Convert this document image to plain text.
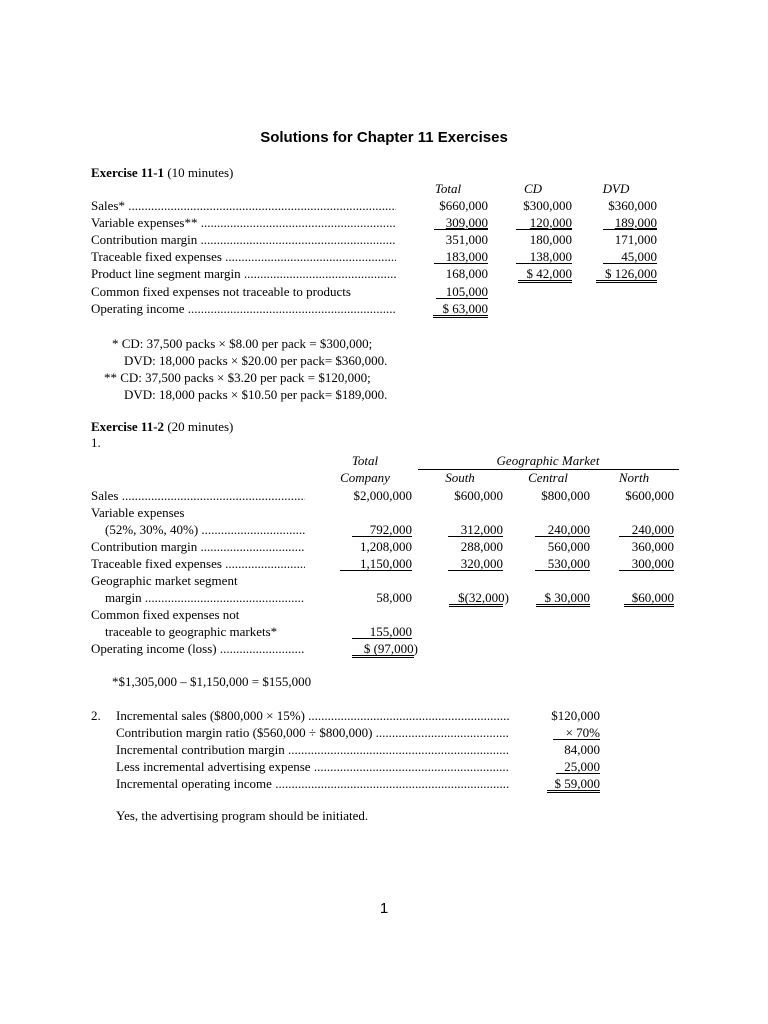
Solutions for Chapter 11 Exercises
Exercise 11-1 (10 minutes)
Total	CD	DVD
Sales* .....	$660,000	$300,000	$360,000
Variable expenses** .....	309,000	120,000	189,000
Contribution margin .....	351,000	180,000	171,000
Traceable fixed expenses .....	183,000	138,000	45,000
Product line segment margin .....	168,000	$ 42,000	$ 126,000
Common fixed expenses not traceable to products	105,000
Operating income .....	$ 63,000
* CD: 37,500 packs × $8.00 per pack = $300,000;
DVD: 18,000 packs × $20.00 per pack= $360,000.
** CD: 37,500 packs × $3.20 per pack = $120,000;
DVD: 18,000 packs × $10.50 per pack= $189,000.
Exercise 11-2 (20 minutes)
1.
Total
Company
Geographic Market
South	Central	North
Sales .....	$2,000,000	$600,000	$800,000	$600,000
Variable expenses
(52%, 30%, 40%) .....	792,000	312,000	240,000	240,000
Contribution margin .....	1,208,000	288,000	560,000	360,000
Traceable fixed expenses .....	1,150,000	320,000	530,000	300,000
Geographic market segment
margin .....	58,000	$(32,000)	$ 30,000	$60,000
Common fixed expenses not
traceable to geographic markets*	155,000
Operating income (loss) .....	$ (97,000)
*$1,305,000 – $1,150,000 = $155,000
2. Incremental sales ($800,000 × 15%) .....	$120,000
Contribution margin ratio ($560,000 ÷ $800,000) .....	× 70%
Incremental contribution margin .....	84,000
Less incremental advertising expense .....	25,000
Incremental operating income .....	$ 59,000
Yes, the advertising program should be initiated.
1
